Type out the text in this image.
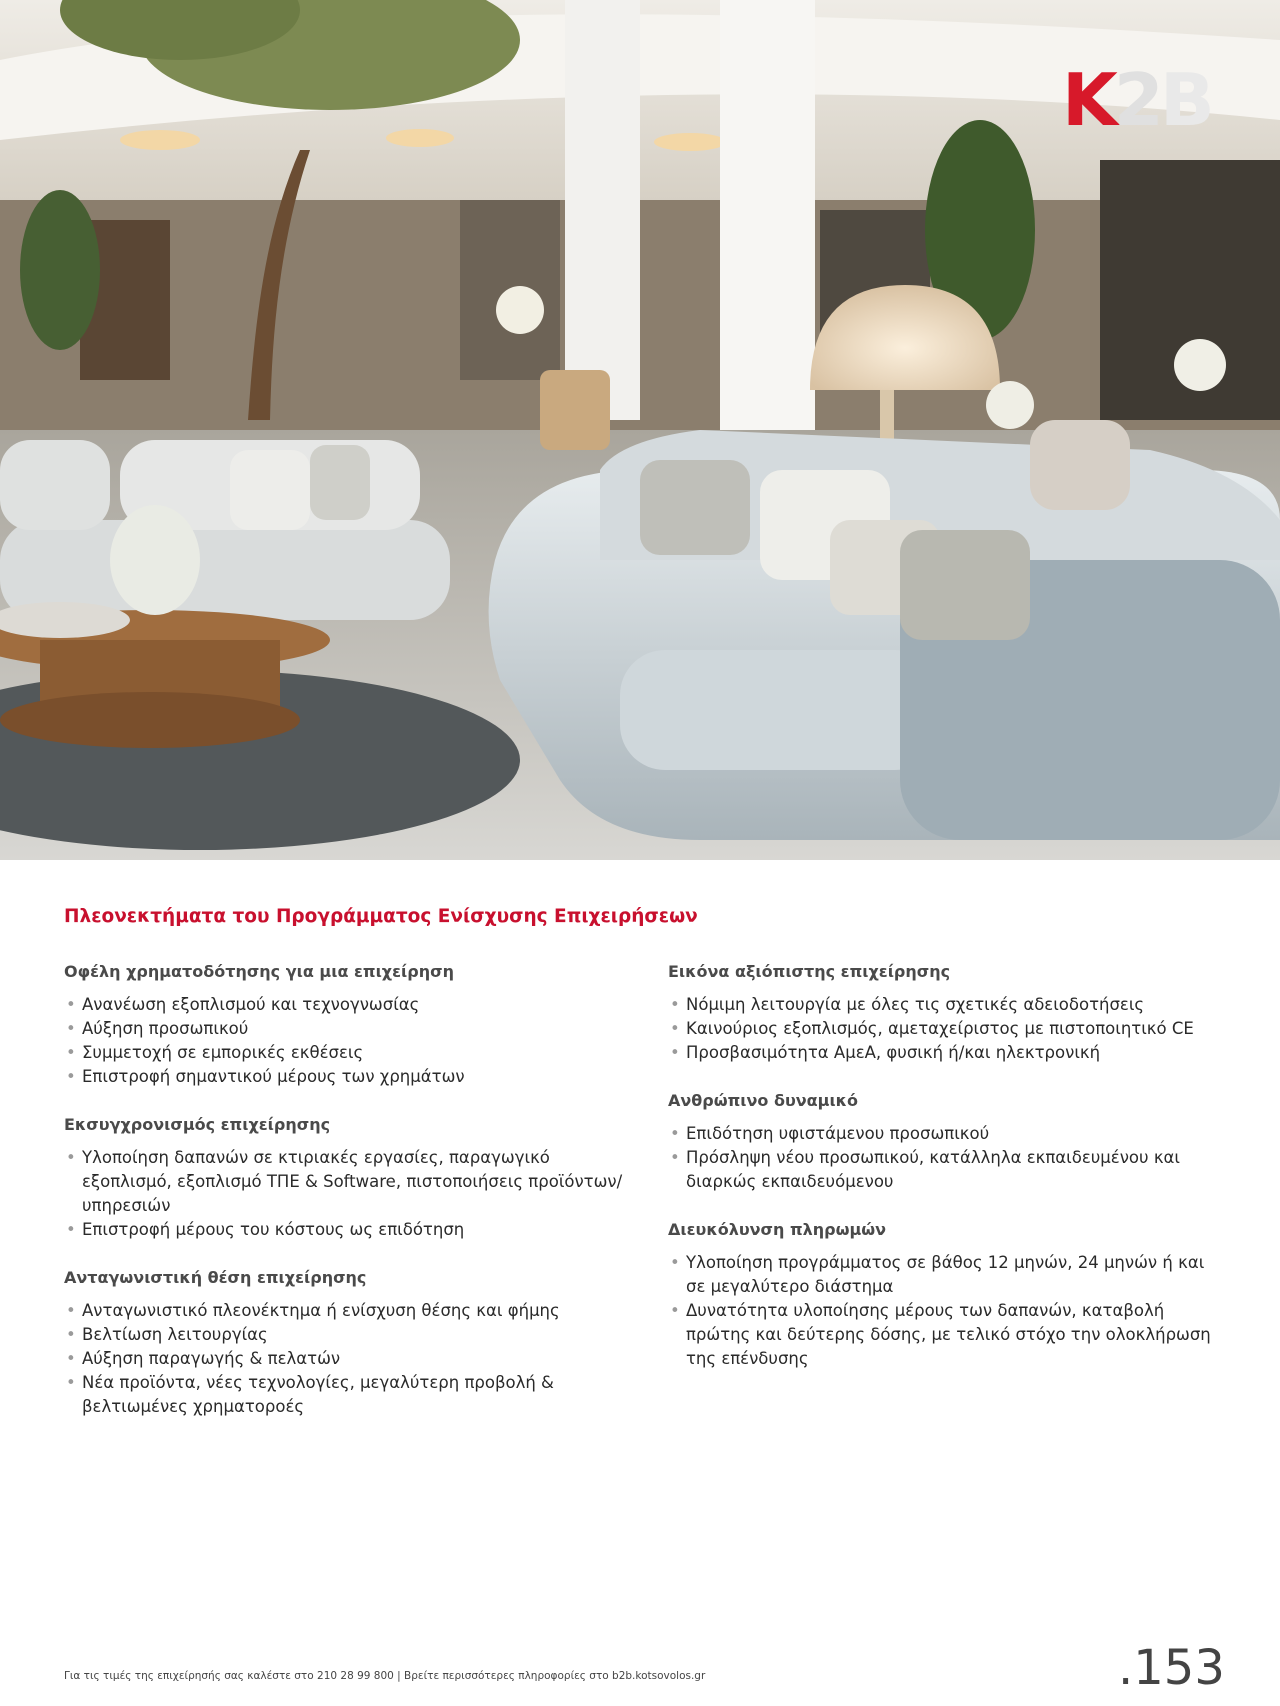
K 2 B
Πλεονεκτήματα του Προγράμματος Ενίσχυσης Επιχειρήσεων
Οφέλη χρηματοδότησης για μια επιχείρηση
• Ανανέωση εξοπλισμού και τεχνογνωσίας
• Αύξηση προσωπικού
• Συμμετοχή σε εμπορικές εκθέσεις
• Επιστροφή σημαντικού μέρους των χρημάτων
Εκσυγχρονισμός επιχείρησης
• Υλοποίηση δαπανών σε κτιριακές εργασίες, παραγωγικό εξοπλισμό, εξοπλισμό ΤΠΕ & Software, πιστοποιήσεις προϊόντων/ υπηρεσιών
• Επιστροφή μέρους του κόστους ως επιδότηση
Ανταγωνιστική θέση επιχείρησης
• Ανταγωνιστικό πλεονέκτημα ή ενίσχυση θέσης και φήμης
• Βελτίωση λειτουργίας
• Αύξηση παραγωγής & πελατών
• Νέα προϊόντα, νέες τεχνολογίες, μεγαλύτερη προβολή & βελτιωμένες χρηματοροές
Εικόνα αξιόπιστης επιχείρησης
• Νόμιμη λειτουργία με όλες τις σχετικές αδειοδοτήσεις
• Καινούριος εξοπλισμός, αμεταχείριστος με πιστοποιητικό CE
• Προσβασιμότητα ΑμεΑ, φυσική ή/και ηλεκτρονική
Ανθρώπινο δυναμικό
• Επιδότηση υφιστάμενου προσωπικού
• Πρόσληψη νέου προσωπικού, κατάλληλα εκπαιδευμένου και διαρκώς εκπαιδευόμενου
Διευκόλυνση πληρωμών
• Υλοποίηση προγράμματος σε βάθος 12 μηνών, 24 μηνών ή και σε μεγαλύτερο διάστημα
• Δυνατότητα υλοποίησης μέρους των δαπανών, καταβολή πρώτης και δεύτερης δόσης, με τελικό στόχο την ολοκλήρωση της επένδυσης
Για τις τιμές της επιχείρησής σας καλέστε στο 210 28 99 800 | Βρείτε περισσότερες πληροφορίες στο b2b.kotsovolos.gr	.153
